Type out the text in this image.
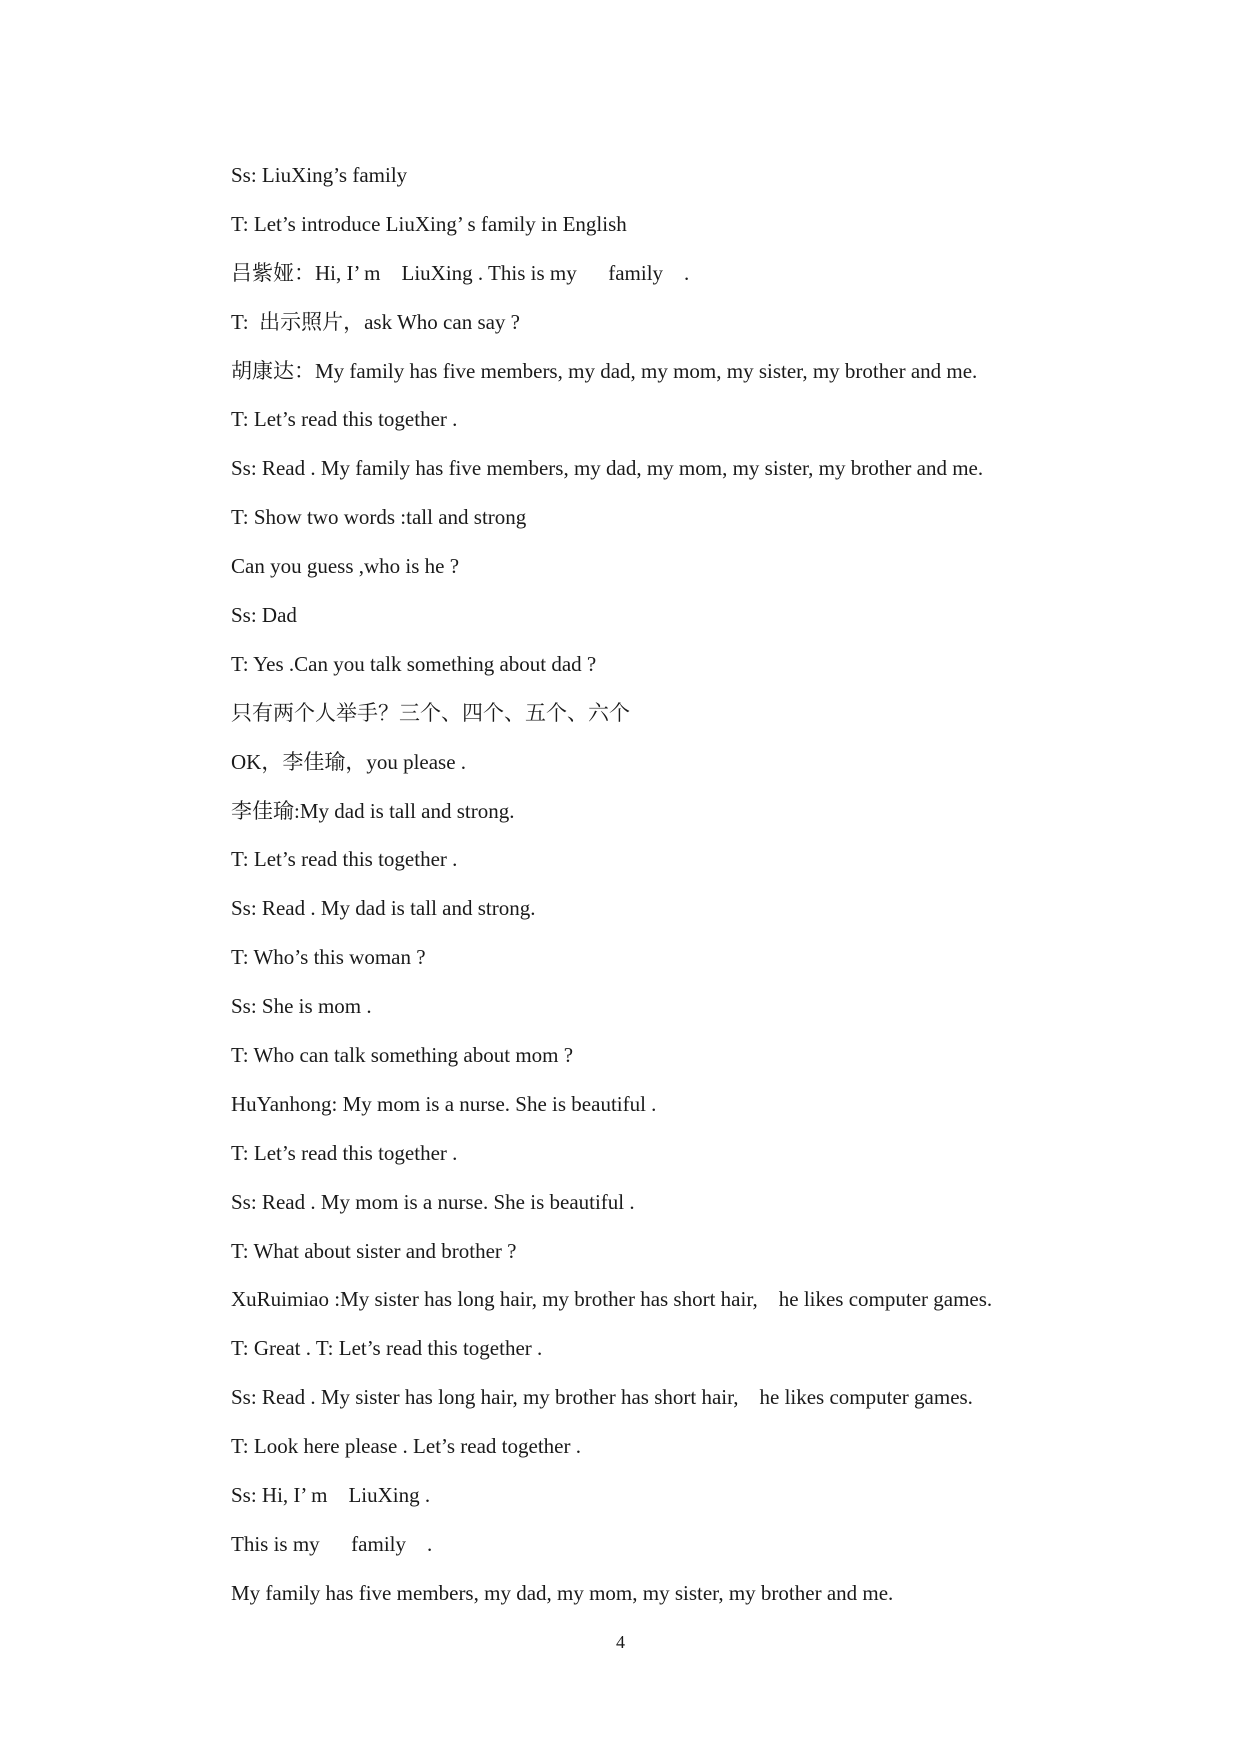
Ss: LiuXing’s family
T: Let’s introduce LiuXing’ s family in English
吕紫娅：Hi, I’ m    LiuXing . This is my      family    .
T:  出示照片，ask Who can say ?
胡康达：My family has five members, my dad, my mom, my sister, my brother and me.
T: Let’s read this together .
Ss: Read . My family has five members, my dad, my mom, my sister, my brother and me.
T: Show two words :tall and strong
Can you guess ,who is he ?
Ss: Dad
T: Yes .Can you talk something about dad ?
只有两个人举手？三个、四个、五个、六个
OK，李佳瑜，you please .
李佳瑜:My dad is tall and strong.
T: Let’s read this together .
Ss: Read . My dad is tall and strong.
T: Who’s this woman ?
Ss: She is mom .
T: Who can talk something about mom ?
HuYanhong: My mom is a nurse. She is beautiful .
T: Let’s read this together .
Ss: Read . My mom is a nurse. She is beautiful .
T: What about sister and brother ?
XuRuimiao :My sister has long hair, my brother has short hair,    he likes computer games.
T: Great . T: Let’s read this together .
Ss: Read . My sister has long hair, my brother has short hair,    he likes computer games.
T: Look here please . Let’s read together .
Ss: Hi, I’ m    LiuXing .
This is my      family    .
My family has five members, my dad, my mom, my sister, my brother and me.
4
